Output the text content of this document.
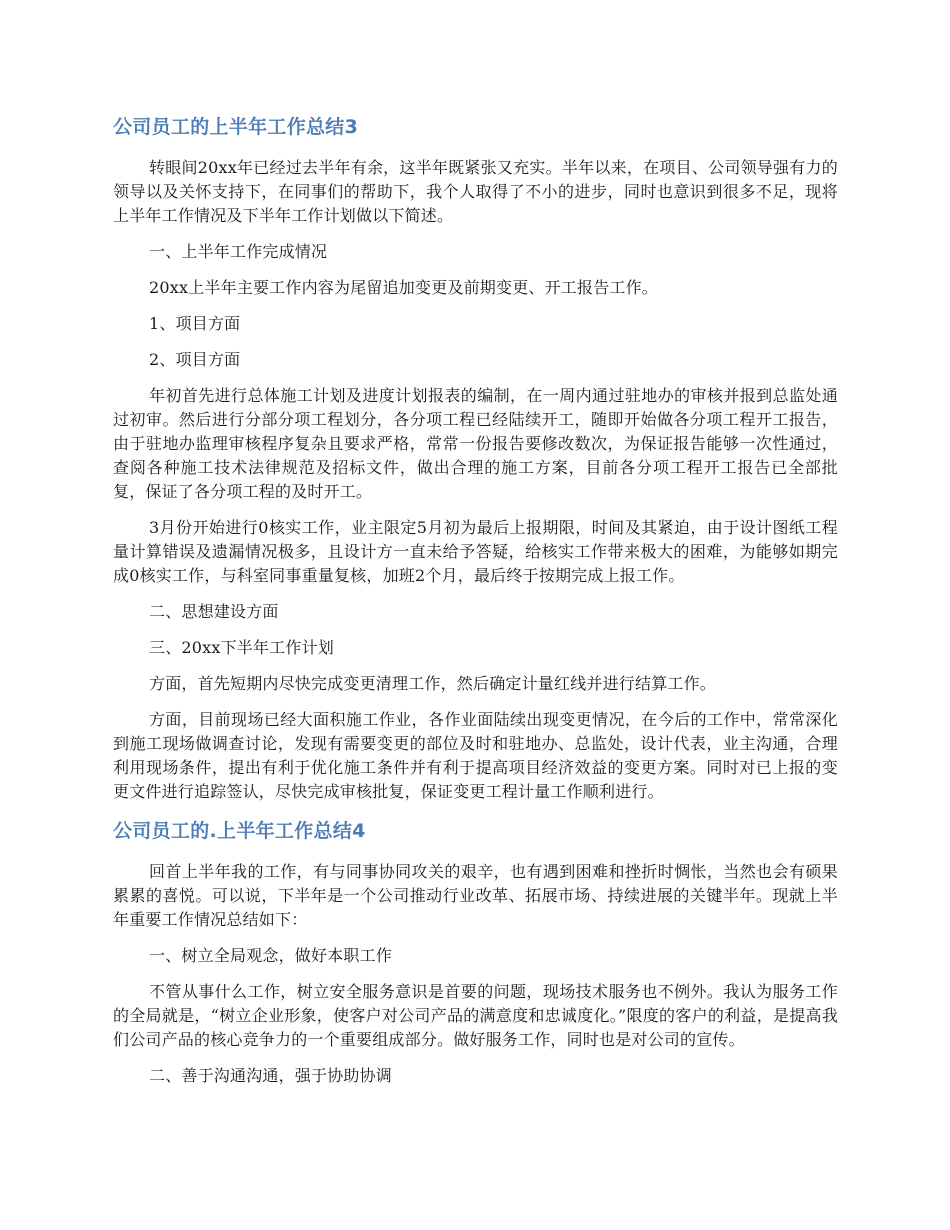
公司员工的上半年工作总结3

转眼间20xx年已经过去半年有余，这半年既紧张又充实。半年以来，在项目、公司领导强有力的领导以及关怀支持下，在同事们的帮助下，我个人取得了不小的进步，同时也意识到很多不足，现将上半年工作情况及下半年工作计划做以下简述。

一、上半年工作完成情况

20xx上半年主要工作内容为尾留追加变更及前期变更、开工报告工作。

1、项目方面

2、项目方面

年初首先进行总体施工计划及进度计划报表的编制，在一周内通过驻地办的审核并报到总监处通过初审。然后进行分部分项工程划分，各分项工程已经陆续开工，随即开始做各分项工程开工报告，由于驻地办监理审核程序复杂且要求严格，常常一份报告要修改数次，为保证报告能够一次性通过，查阅各种施工技术法律规范及招标文件，做出合理的施工方案，目前各分项工程开工报告已全部批复，保证了各分项工程的及时开工。

3月份开始进行0核实工作，业主限定5月初为最后上报期限，时间及其紧迫，由于设计图纸工程量计算错误及遗漏情况极多，且设计方一直未给予答疑，给核实工作带来极大的困难，为能够如期完成0核实工作，与科室同事重量复核，加班2个月，最后终于按期完成上报工作。

二、思想建设方面

三、20xx下半年工作计划

方面，首先短期内尽快完成变更清理工作，然后确定计量红线并进行结算工作。

方面，目前现场已经大面积施工作业，各作业面陆续出现变更情况，在今后的工作中，常常深化到施工现场做调查讨论，发现有需要变更的部位及时和驻地办、总监处，设计代表，业主沟通，合理利用现场条件，提出有利于优化施工条件并有利于提高项目经济效益的变更方案。同时对已上报的变更文件进行追踪签认，尽快完成审核批复，保证变更工程计量工作顺利进行。

公司员工的.上半年工作总结4

回首上半年我的工作，有与同事协同攻关的艰辛，也有遇到困难和挫折时惆怅，当然也会有硕果累累的喜悦。可以说，下半年是一个公司推动行业改革、拓展市场、持续进展的关键半年。现就上半年重要工作情况总结如下：

一、树立全局观念，做好本职工作

不管从事什么工作，树立安全服务意识是首要的问题，现场技术服务也不例外。我认为服务工作的全局就是，“树立企业形象，使客户对公司产品的满意度和忠诚度化。”限度的客户的利益，是提高我们公司产品的核心竞争力的一个重要组成部分。做好服务工作，同时也是对公司的宣传。

二、善于沟通沟通，强于协助协调
